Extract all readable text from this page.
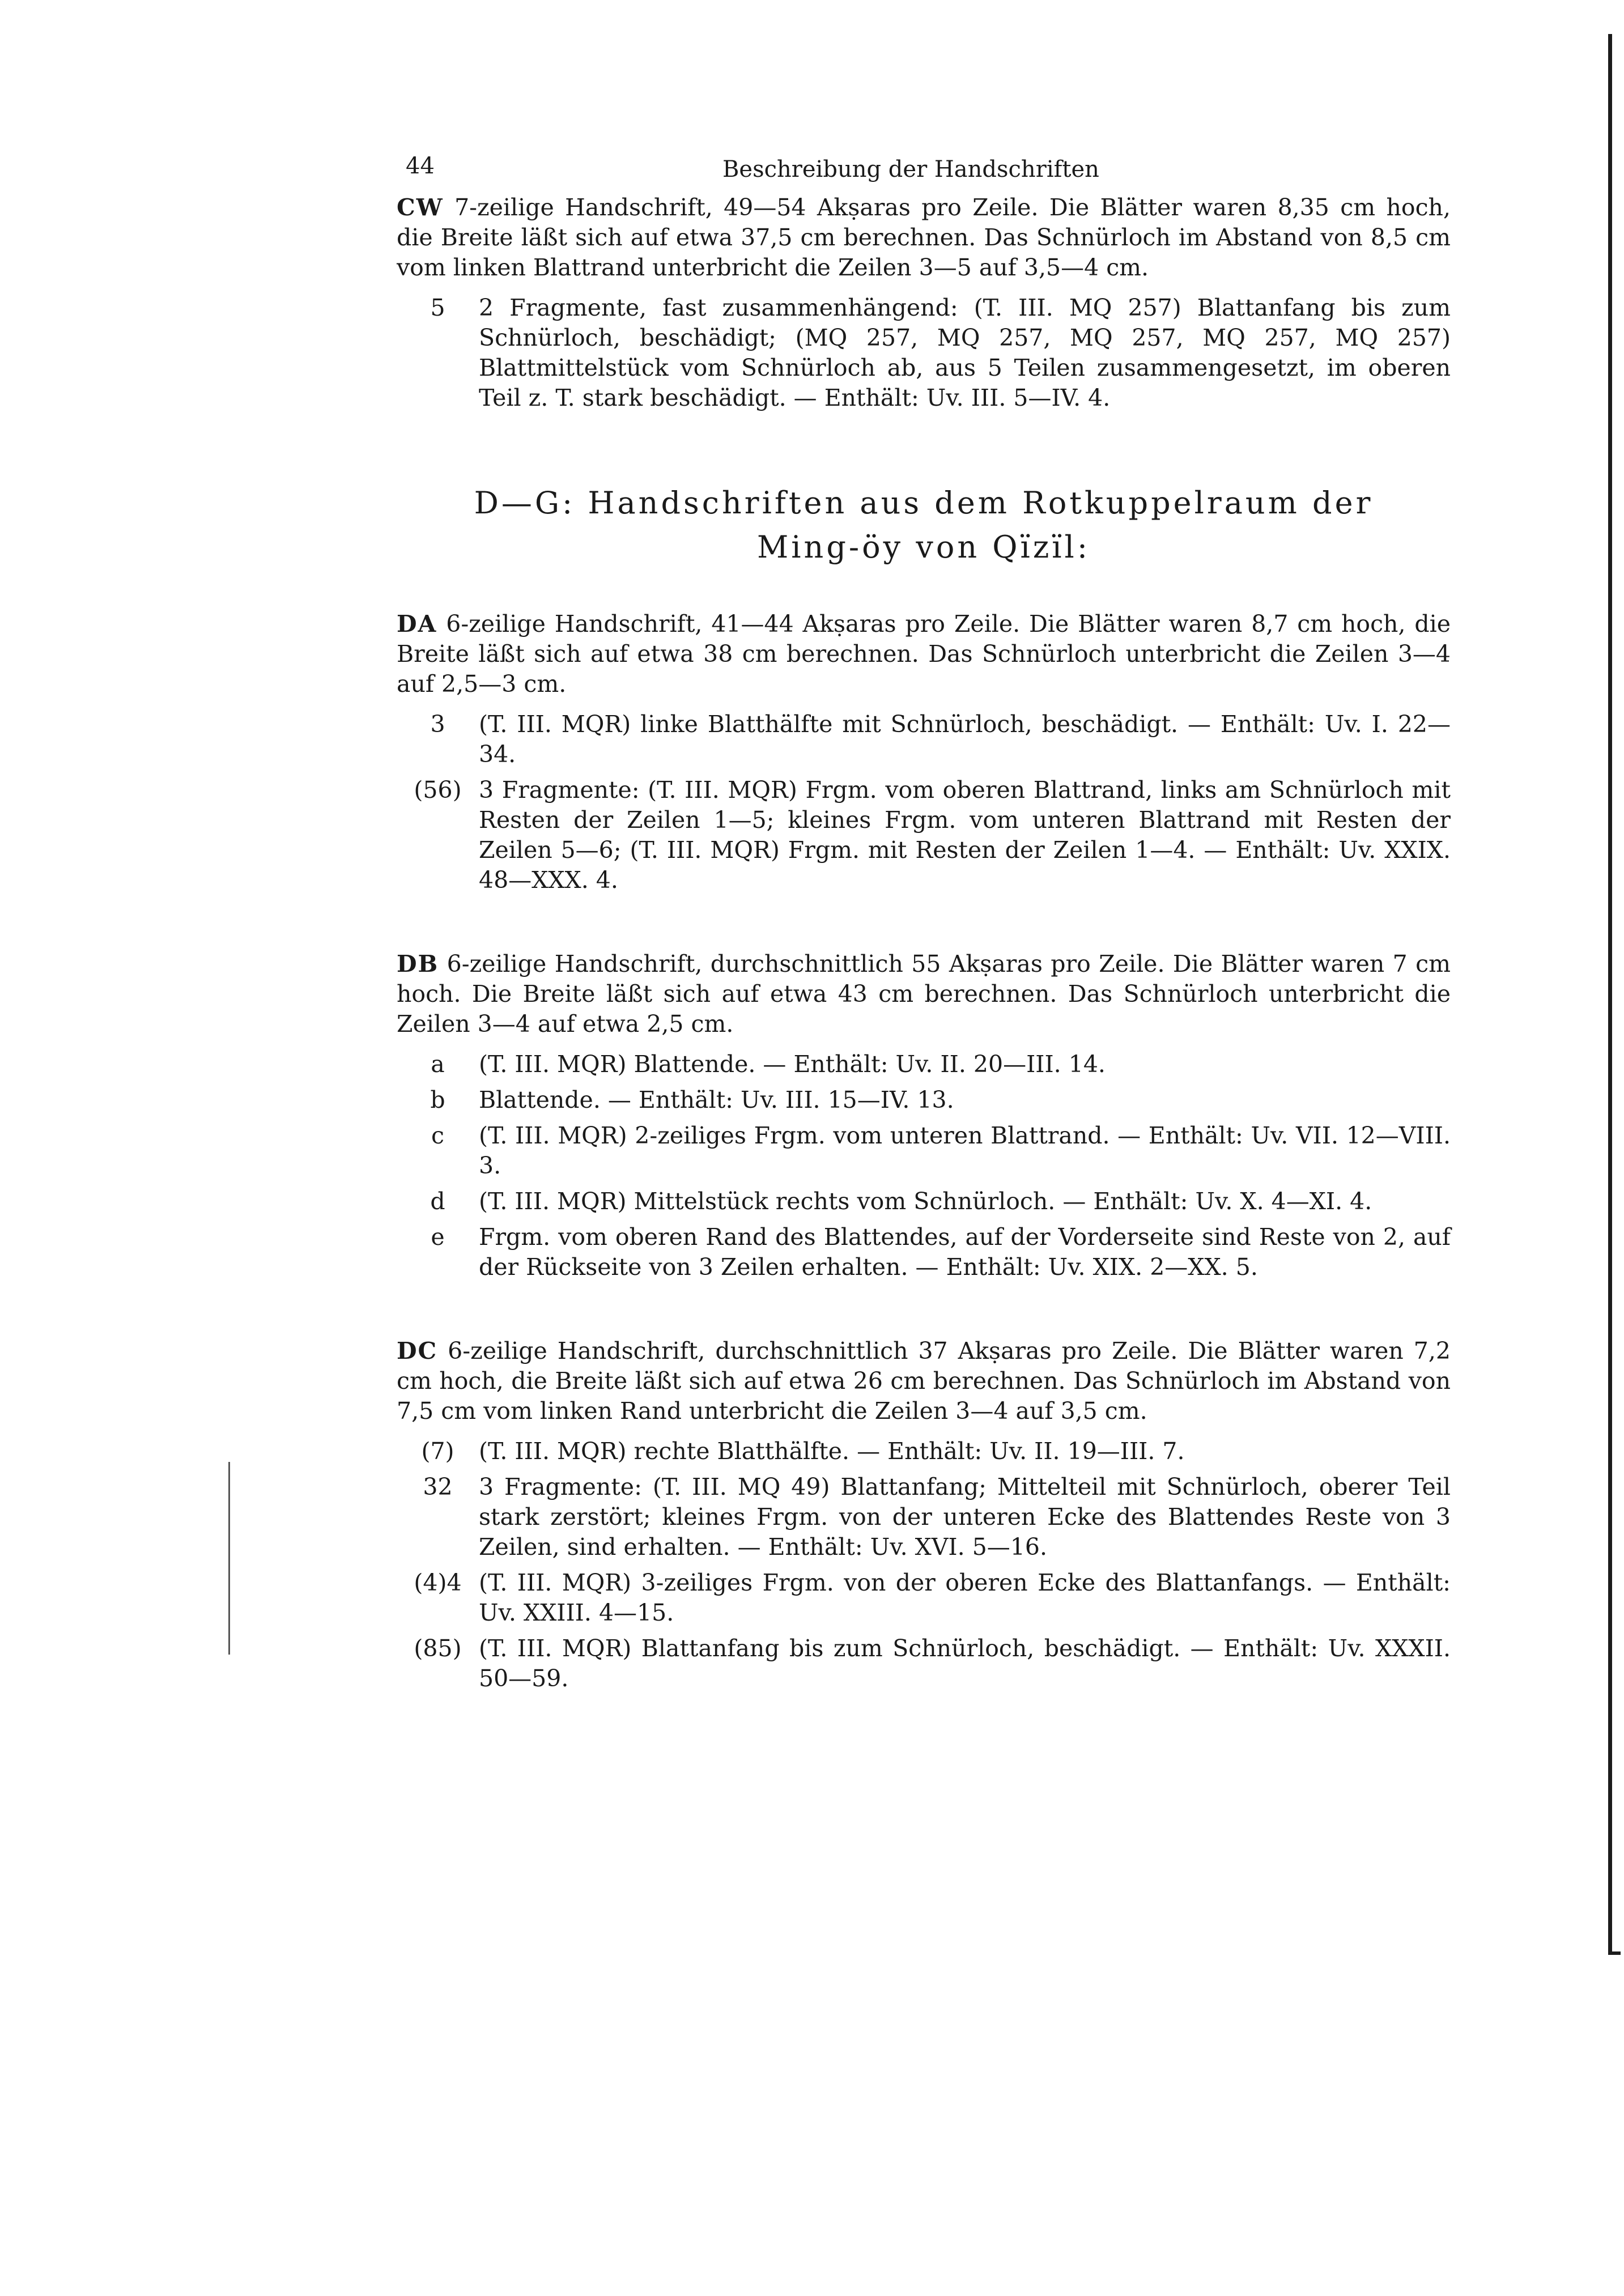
44	Beschreibung der Handschriften

CW 7-zeilige Handschrift, 49—54 Akṣaras pro Zeile. Die Blätter waren 8,35 cm hoch, die Breite läßt sich auf etwa 37,5 cm berechnen. Das Schnürloch im Abstand von 8,5 cm vom linken Blattrand unterbricht die Zeilen 3—5 auf 3,5—4 cm.

5	2 Fragmente, fast zusammenhängend: (T. III. MQ 257) Blattanfang bis zum Schnürloch, beschädigt; (MQ 257, MQ 257, MQ 257, MQ 257, MQ 257) Blattmittelstück vom Schnürloch ab, aus 5 Teilen zusammengesetzt, im oberen Teil z. T. stark beschädigt. — Enthält: Uv. III. 5—IV. 4.
D—G: Handschriften aus dem Rotkuppelraum der
Ming-öy von Qïzïl:

DA 6-zeilige Handschrift, 41—44 Akṣaras pro Zeile. Die Blätter waren 8,7 cm hoch, die Breite läßt sich auf etwa 38 cm berechnen. Das Schnürloch unterbricht die Zeilen 3—4 auf 2,5—3 cm.

3	(T. III. MQR) linke Blatthälfte mit Schnürloch, beschädigt. — Enthält: Uv. I. 22—34.
(56) 3 Fragmente: (T. III. MQR) Frgm. vom oberen Blattrand, links am Schnürloch mit Resten der Zeilen 1—5; kleines Frgm. vom unteren Blattrand mit Resten der Zeilen 5—6; (T. III. MQR) Frgm. mit Resten der Zeilen 1—4. — Enthält: Uv. XXIX. 48—XXX. 4.

DB 6-zeilige Handschrift, durchschnittlich 55 Akṣaras pro Zeile. Die Blätter waren 7 cm hoch. Die Breite läßt sich auf etwa 43 cm berechnen. Das Schnürloch unterbricht die Zeilen 3—4 auf etwa 2,5 cm.

a	(T. III. MQR) Blattende. — Enthält: Uv. II. 20—III. 14.
b	Blattende. — Enthält: Uv. III. 15—IV. 13.
c	(T. III. MQR) 2-zeiliges Frgm. vom unteren Blattrand. — Enthält: Uv. VII. 12—VIII. 3.
d	(T. III. MQR) Mittelstück rechts vom Schnürloch. — Enthält: Uv. X. 4—XI. 4.
e	Frgm. vom oberen Rand des Blattendes, auf der Vorderseite sind Reste von 2, auf der Rückseite von 3 Zeilen erhalten. — Enthält: Uv. XIX. 2—XX. 5.

DC 6-zeilige Handschrift, durchschnittlich 37 Akṣaras pro Zeile. Die Blätter waren 7,2 cm hoch, die Breite läßt sich auf etwa 26 cm berechnen. Das Schnürloch im Abstand von 7,5 cm vom linken Rand unterbricht die Zeilen 3—4 auf 3,5 cm.

(7)	(T. III. MQR) rechte Blatthälfte. — Enthält: Uv. II. 19—III. 7.
32	3 Fragmente: (T. III. MQ 49) Blattanfang; Mittelteil mit Schnürloch, oberer Teil stark zerstört; kleines Frgm. von der unteren Ecke des Blattendes Reste von 3 Zeilen, sind erhalten. — Enthält: Uv. XVI. 5—16.
(4)4 (T. III. MQR) 3-zeiliges Frgm. von der oberen Ecke des Blattanfangs. — Enthält: Uv. XXIII. 4—15.
(85) (T. III. MQR) Blattanfang bis zum Schnürloch, beschädigt. — Enthält: Uv. XXXII. 50—59.
